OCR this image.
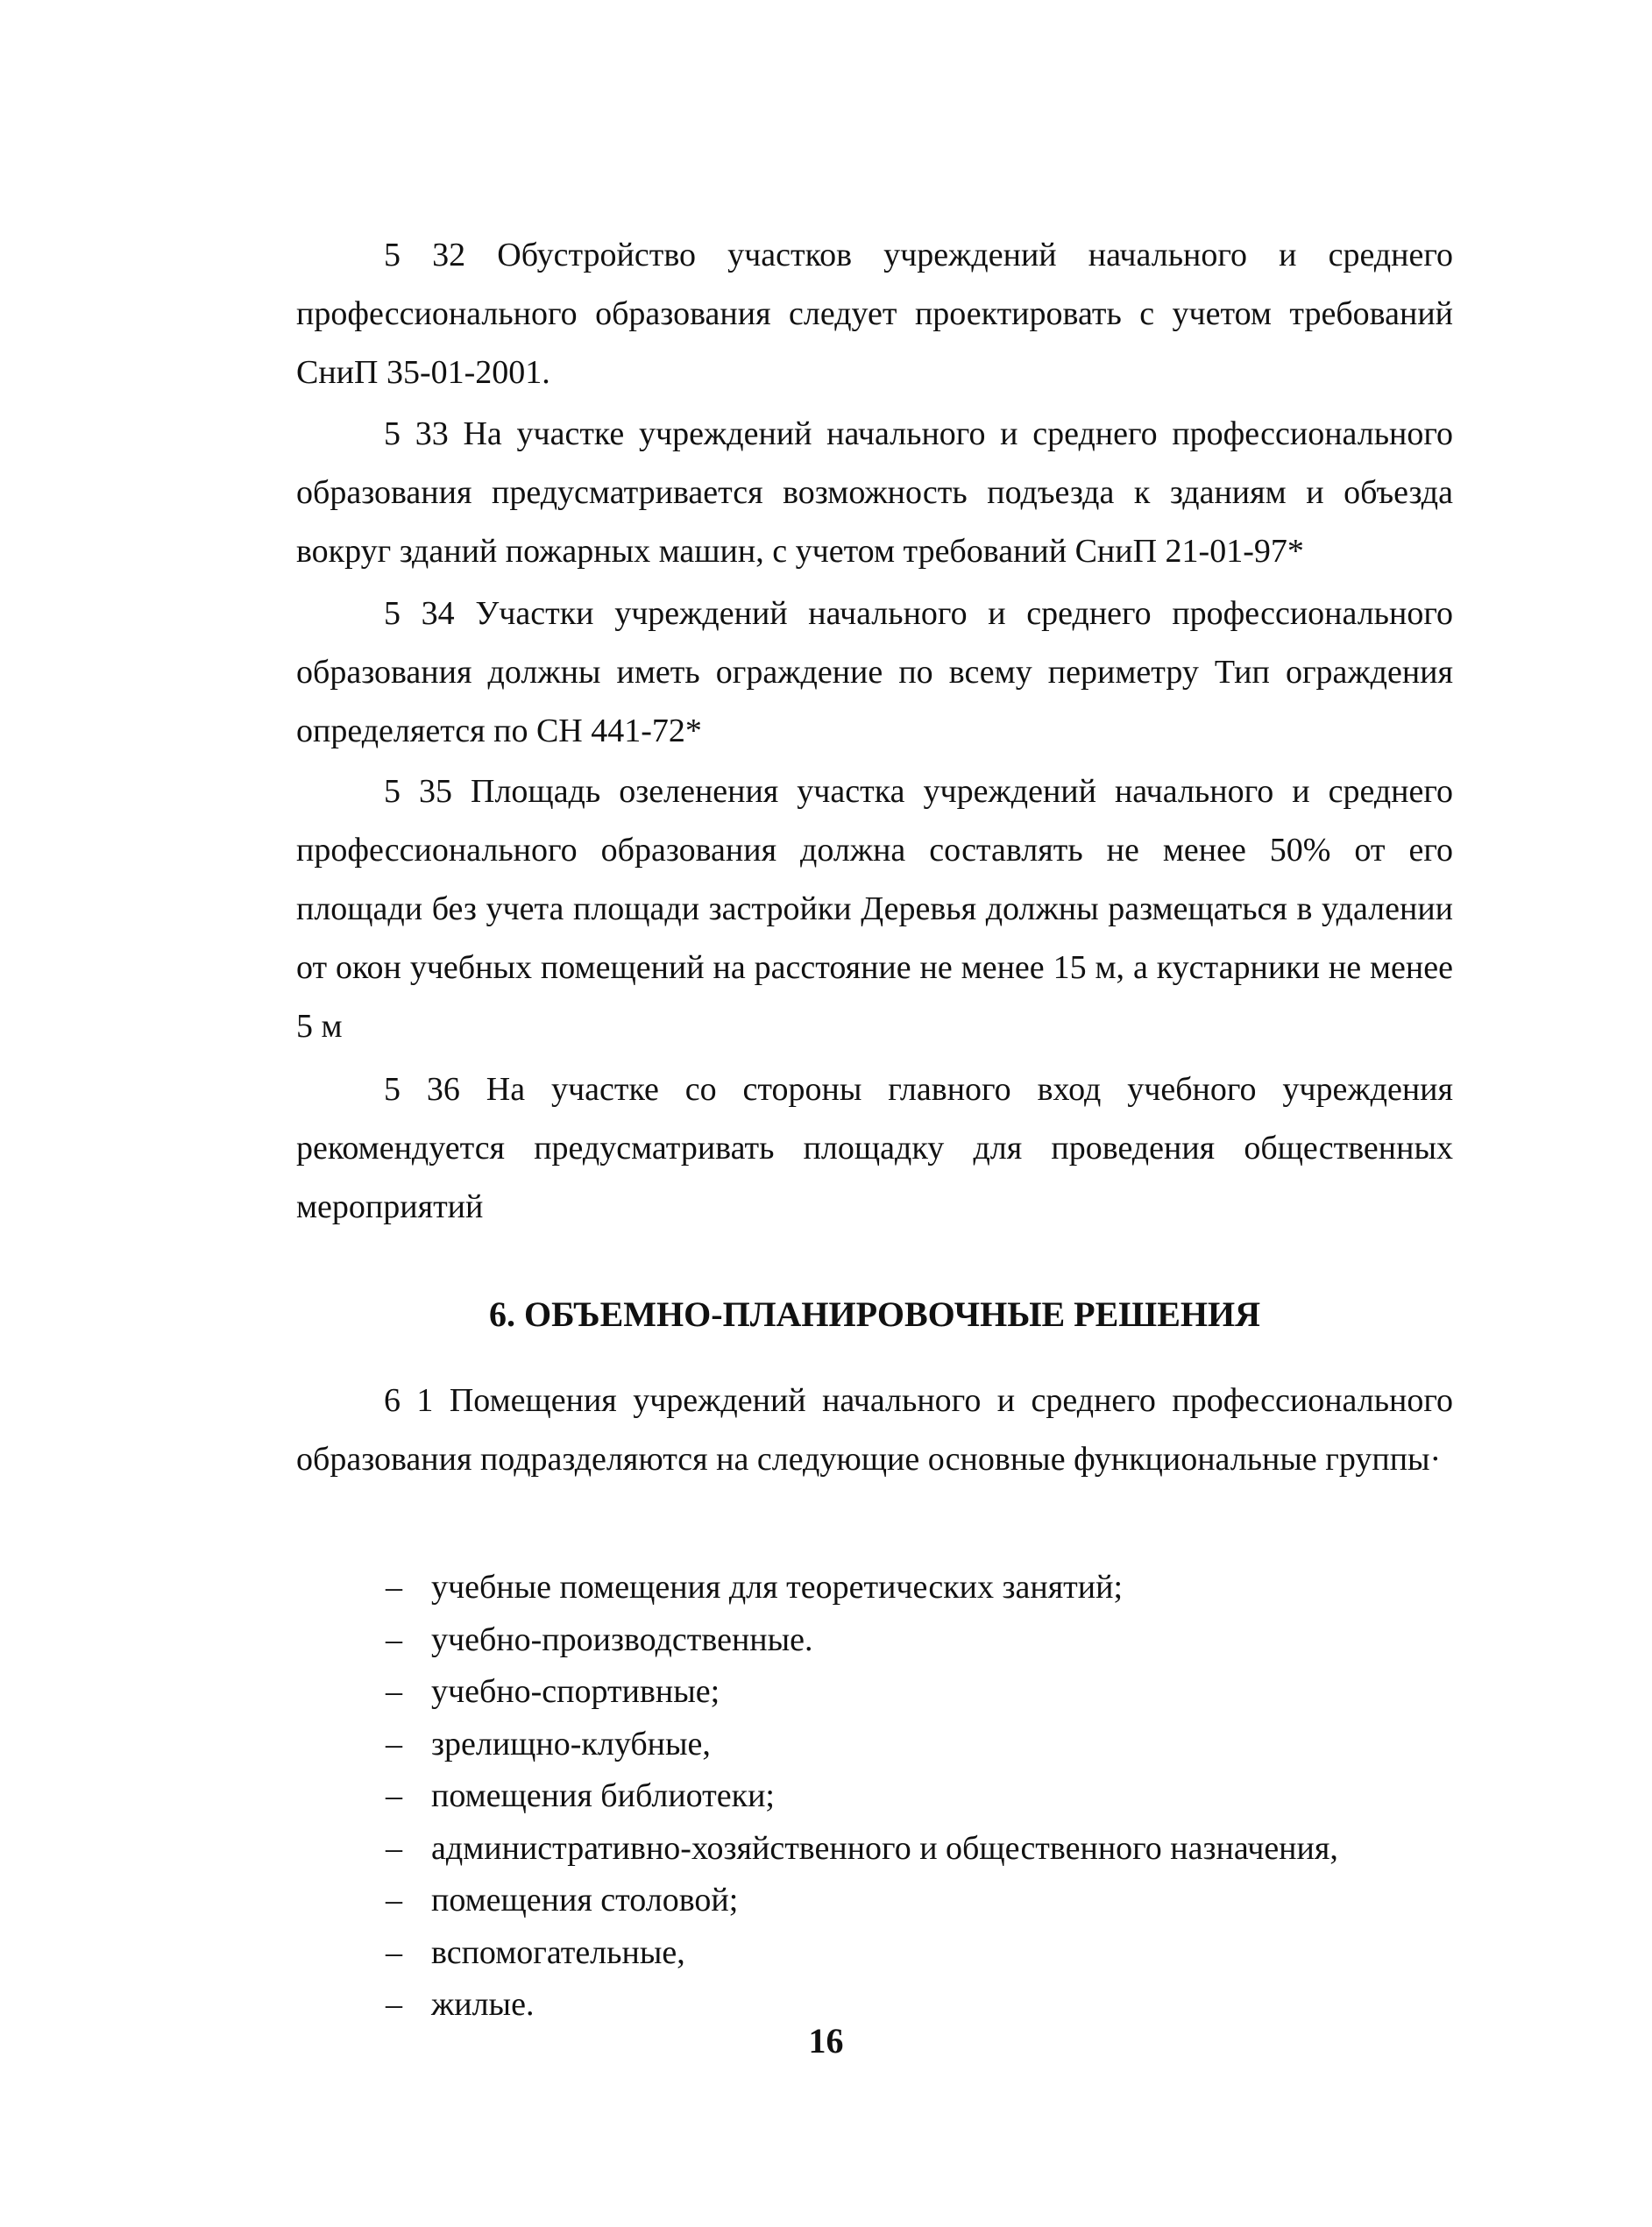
5 32 Обустройство участков учреждений начального и среднего профессионального образования следует проектировать с учетом требований СниП 35-01-2001.

5 33 На участке учреждений начального и среднего профессионального образования предусматривается возможность подъезда к зданиям и объезда вокруг зданий пожарных машин, с учетом требований СниП 21-01-97*

5 34 Участки учреждений начального и среднего профессионального образования должны иметь ограждение по всему периметру Тип ограждения определяется по СН 441-72*

5 35 Площадь озеленения участка учреждений начального и среднего профессионального образования должна составлять не менее 50% от его площади без учета площади застройки Деревья должны размещаться в удалении от окон учебных помещений на расстояние не менее 15 м, а кустарники не менее 5 м

5 36 На участке со стороны главного вход учебного учреждения рекомендуется предусматривать площадку для проведения общественных мероприятий

6. ОБЪЕМНО-ПЛАНИРОВОЧНЫЕ РЕШЕНИЯ

6 1 Помещения учреждений начального и среднего профессионального образования подразделяются на следующие основные функциональные группы·

– учебные помещения для теоретических занятий;
– учебно-производственные.
– учебно-спортивные;
– зрелищно-клубные,
– помещения библиотеки;
– административно-хозяйственного и общественного назначения,
– помещения столовой;
– вспомогательные,
– жилые.
16
